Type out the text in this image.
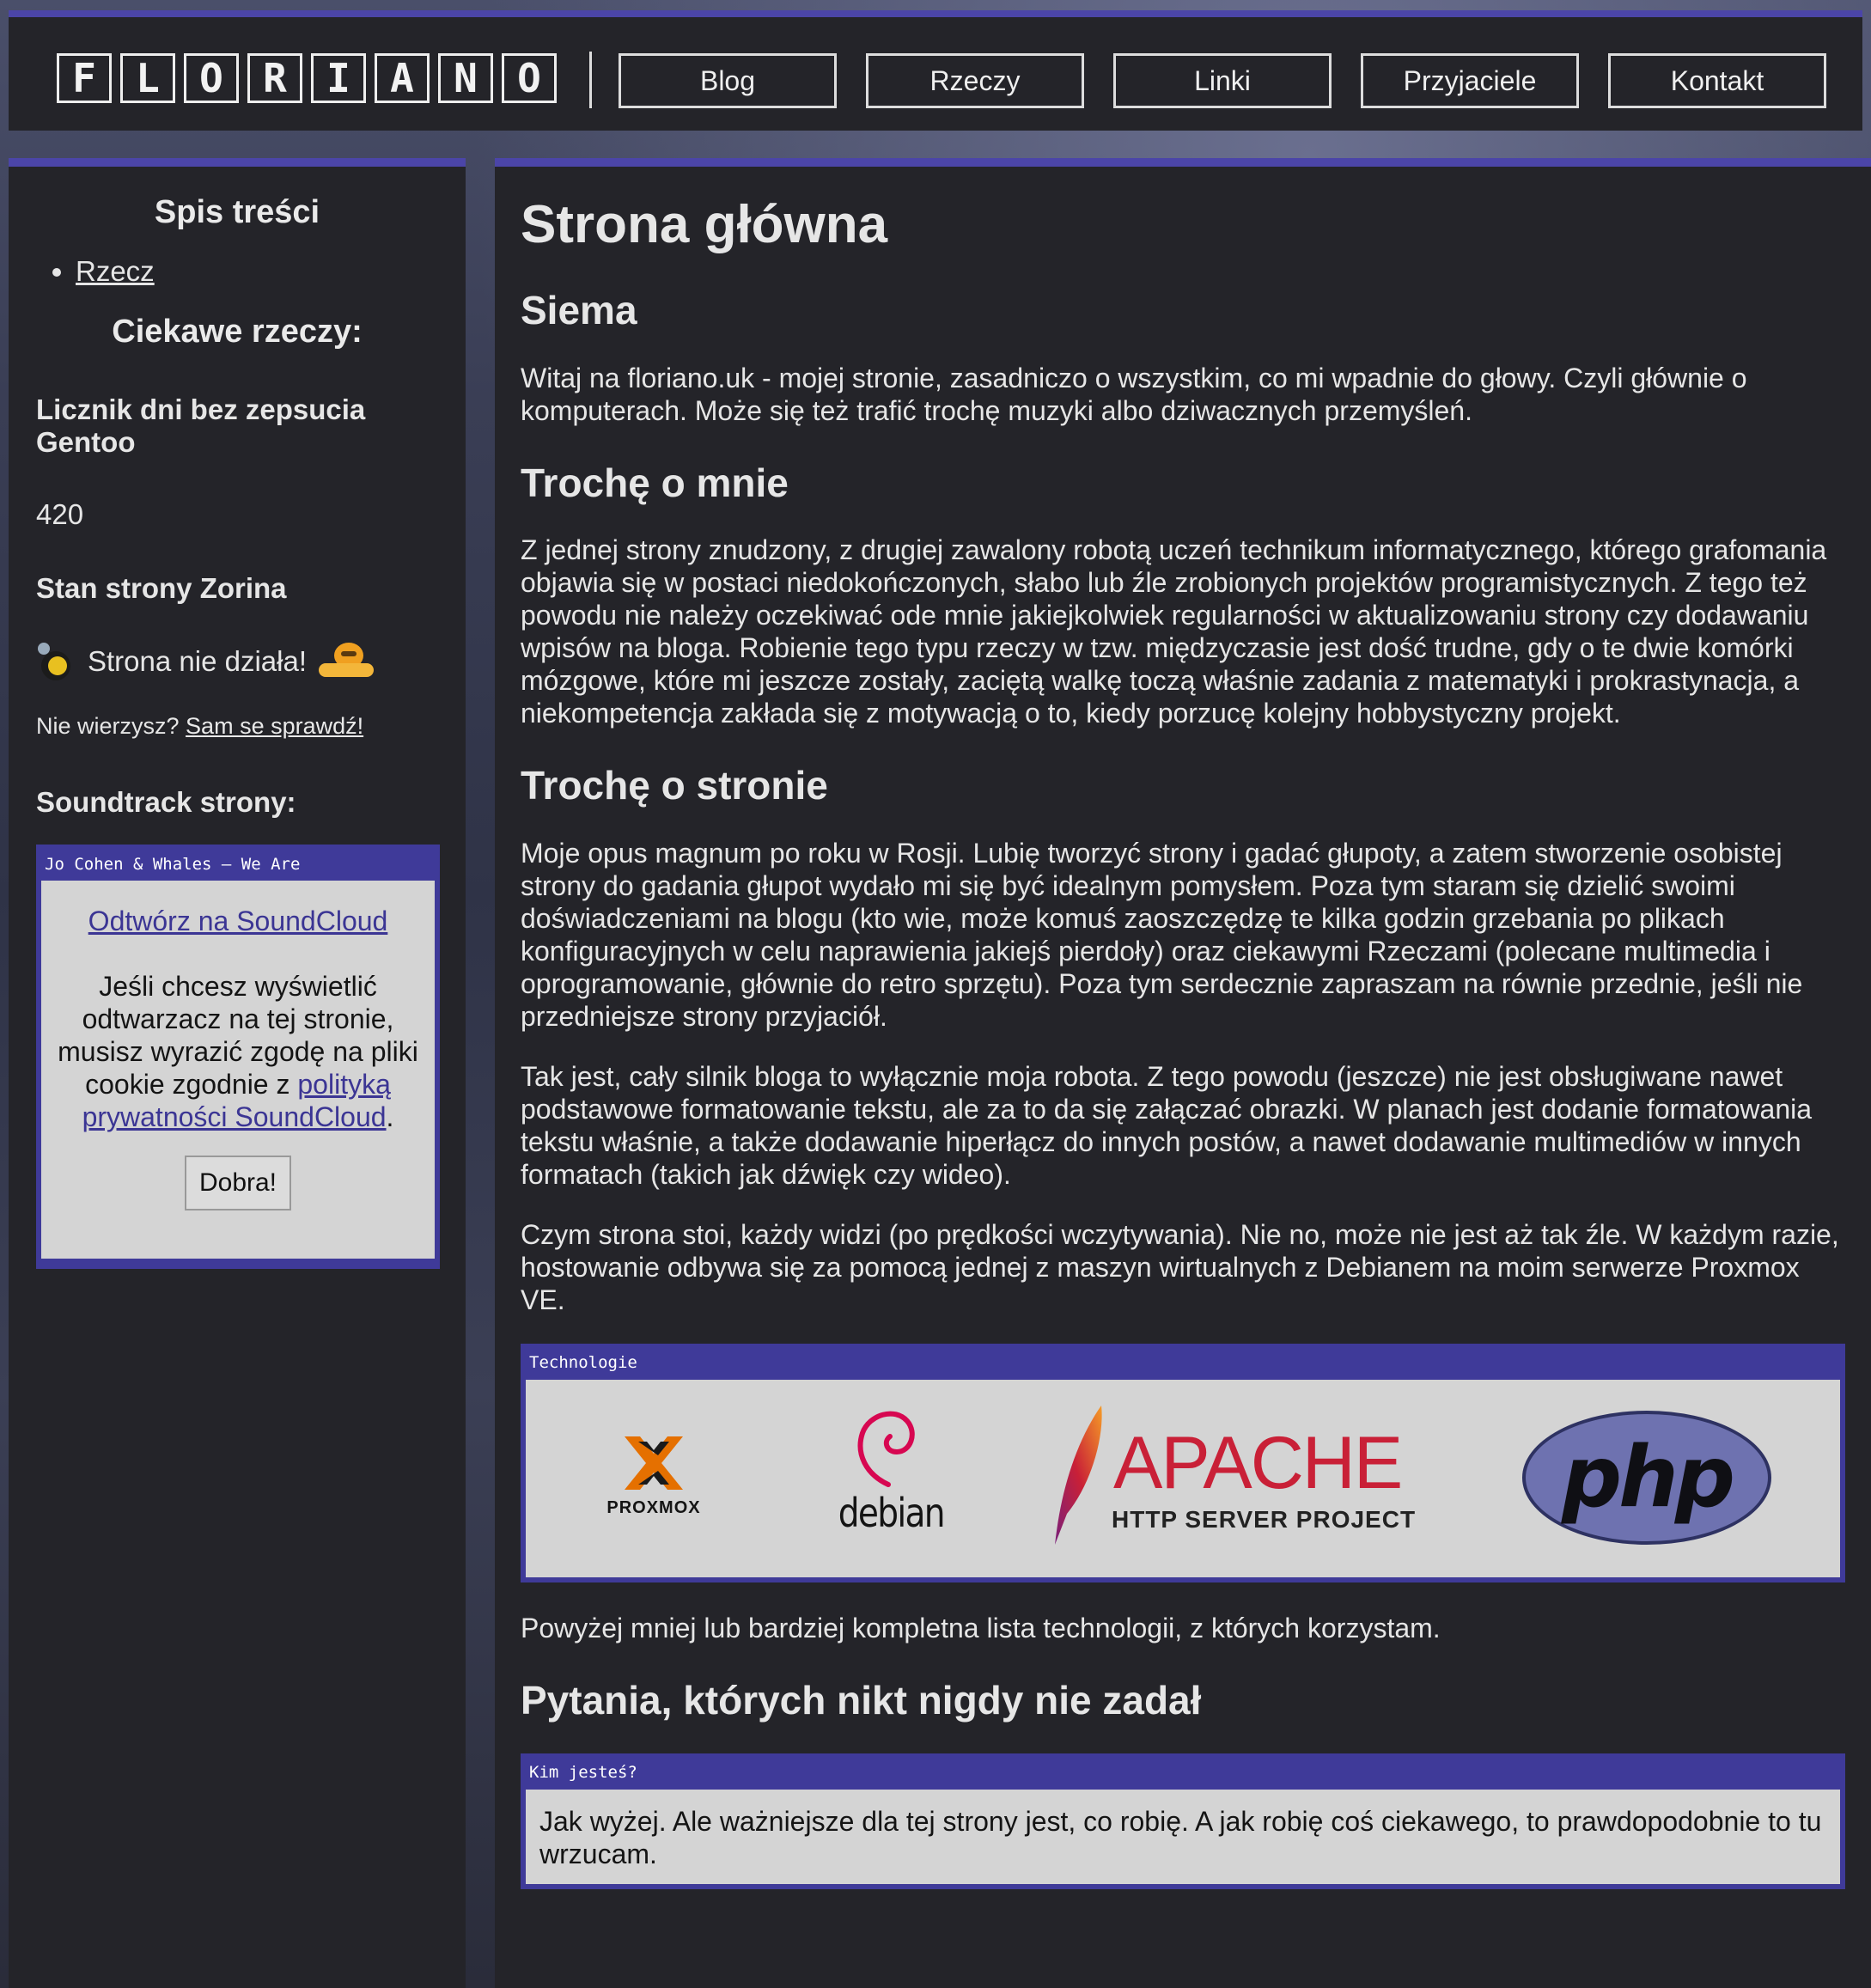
F	L	O	R	I	A	N	O	Blog	Rzeczy	Linki	Przyjaciele	Kontakt
Spis treści
• Rzecz
Ciekawe rzeczy:
Licznik dni bez zepsucia Gentoo
420
Stan strony Zorina
Strona nie działa!
Nie wierzysz? Sam se sprawdź!
Soundtrack strony:
Jo Cohen & Whales – We Are
Odtwórz na SoundCloud

Jeśli chcesz wyświetlić odtwarzacz na tej stronie, musisz wyrazić zgodę na pliki cookie zgodnie z polityką prywatności SoundCloud.

Dobra!
Strona główna
Siema

Witaj na floriano.uk - mojej stronie, zasadniczo o wszystkim, co mi wpadnie do głowy. Czyli głównie o komputerach. Może się też trafić trochę muzyki albo dziwacznych przemyśleń.

Trochę o mnie

Z jednej strony znudzony, z drugiej zawalony robotą uczeń technikum informatycznego, którego grafomania objawia się w postaci niedokończonych, słabo lub źle zrobionych projektów programistycznych. Z tego też powodu nie należy oczekiwać ode mnie jakiejkolwiek regularności w aktualizowaniu strony czy dodawaniu wpisów na bloga. Robienie tego typu rzeczy w tzw. międzyczasie jest dość trudne, gdy o te dwie komórki mózgowe, które mi jeszcze zostały, zaciętą walkę toczą właśnie zadania z matematyki i prokrastynacja, a niekompetencja zakłada się z motywacją o to, kiedy porzucę kolejny hobbystyczny projekt.

Trochę o stronie

Moje opus magnum po roku w Rosji. Lubię tworzyć strony i gadać głupoty, a zatem stworzenie osobistej strony do gadania głupot wydało mi się być idealnym pomysłem. Poza tym staram się dzielić swoimi doświadczeniami na blogu (kto wie, może komuś zaoszczędzę te kilka godzin grzebania po plikach konfiguracyjnych w celu naprawienia jakiejś pierdoły) oraz ciekawymi Rzeczami (polecane multimedia i oprogramowanie, głównie do retro sprzętu). Poza tym serdecznie zapraszam na równie przednie, jeśli nie przedniejsze strony przyjaciół.

Tak jest, cały silnik bloga to wyłącznie moja robota. Z tego powodu (jeszcze) nie jest obsługiwane nawet podstawowe formatowanie tekstu, ale za to da się załączać obrazki. W planach jest dodanie formatowania tekstu właśnie, a także dodawanie hiperłącz do innych postów, a nawet dodawanie multimediów w innych formatach (takich jak dźwięk czy wideo).

Czym strona stoi, każdy widzi (po prędkości wczytywania). Nie no, może nie jest aż tak źle. W każdym razie, hostowanie odbywa się za pomocą jednej z maszyn wirtualnych z Debianem na moim serwerze Proxmox VE.

Technologie
PROXMOX	debian
APACHE
HTTP SERVER PROJECT php

Powyżej mniej lub bardziej kompletna lista technologii, z których korzystam.

Pytania, których nikt nigdy nie zadał
Kim jesteś?
Jak wyżej. Ale ważniejsze dla tej strony jest, co robię. A jak robię coś ciekawego, to prawdopodobnie to tu wrzucam.
